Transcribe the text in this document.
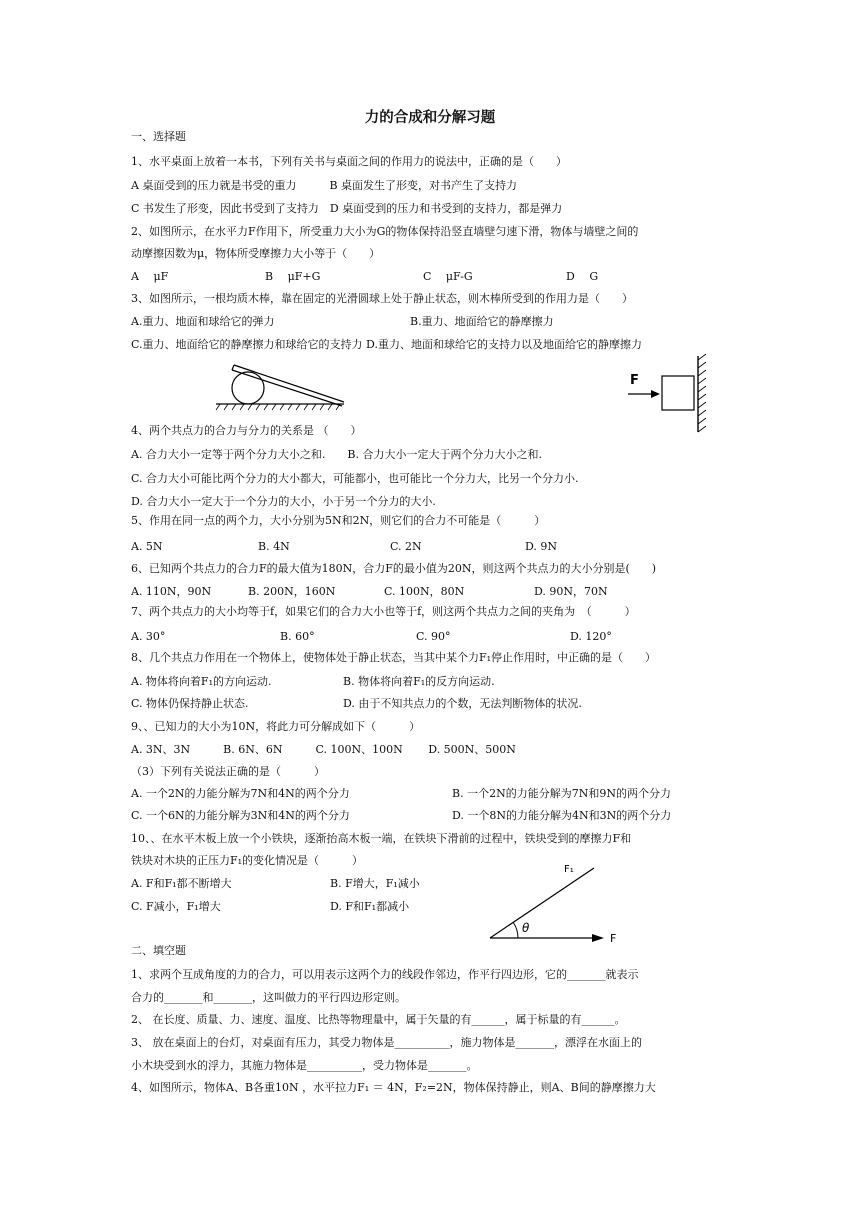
力的合成和分解习题
一、选择题
1、水平桌面上放着一本书，下列有关书与桌面之间的作用力的说法中，正确的是（　　）
A 桌面受到的压力就是书受的重力　　　B 桌面发生了形变，对书产生了支持力
C 书发生了形变，因此书受到了支持力　D 桌面受到的压力和书受到的支持力，都是弹力
2、如图所示，在水平力F作用下，所受重力大小为G的物体保持沿竖直墙壁匀速下滑，物体与墙壁之间的
动摩擦因数为μ，物体所受摩擦力大小等于（　　）
A　 μF	B　 μF+G	C　 μF-G	D　 G
3、如图所示，一根均质木棒，靠在固定的光滑圆球上处于静止状态，则木棒所受到的作用力是（　　）
A.重力、地面和球给它的弹力	B.重力、地面给它的静摩擦力
C.重力、地面给它的静摩擦力和球给它的支持力 D.重力、地面和球给它的支持力以及地面给它的静摩擦力
F
4、两个共点力的合力与分力的关系是 （　　）
A. 合力大小一定等于两个分力大小之和.　　B. 合力大小一定大于两个分力大小之和.
C. 合力大小可能比两个分力的大小都大，可能都小，也可能比一个分力大，比另一个分力小.
D. 合力大小一定大于一个分力的大小，小于另一个分力的大小.
5、作用在同一点的两个力，大小分别为5N和2N，则它们的合力不可能是（　　　）
A. 5N	B. 4N	C. 2N	D. 9N
6、已知两个共点力的合力F的最大值为180N，合力F的最小值为20N，则这两个共点力的大小分别是(　　)
A. 110N，90N	B. 200N，160N	C. 100N，80N	D. 90N，70N
7、两个共点力的大小均等于f，如果它们的合力大小也等于f，则这两个共点力之间的夹角为　（　　　）
A. 30°	B. 60°	C. 90°	D. 120°
8、几个共点力作用在一个物体上，使物体处于静止状态，当其中某个力F₁停止作用时，中正确的是（　　）
A. 物体将向着F₁的方向运动.	B. 物体将向着F₁的反方向运动.
C. 物体仍保持静止状态.	D. 由于不知共点力的个数，无法判断物体的状况.
9、、已知力的大小为10N，将此力可分解成如下（　　　）
A. 3N、3N　　　B. 6N、6N　　　C. 100N、100N　　 D. 500N、500N
（3）下列有关说法正确的是（　　　）
A. 一个2N的力能分解为7N和4N的两个分力	B. 一个2N的力能分解为7N和9N的两个分力
C. 一个6N的力能分解为3N和4N的两个分力	D. 一个8N的力能分解为4N和3N的两个分力
10、、在水平木板上放一个小铁块，逐渐抬高木板一端，在铁块下滑前的过程中，铁块受到的摩擦力F和
铁块对木块的正压力F₁的变化情况是（　　　）
A. F和F₁都不断增大	B. F增大，F₁减小
C. F减小，F₁增大	D. F和F₁都减小
F₁
θ
F
二、填空题
1、求两个互成角度的力的合力，可以用表示这两个力的线段作邻边，作平行四边形，它的_______就表示
合力的_______和_______，这叫做力的平行四边形定则。
2、 在长度、质量、力、速度、温度、比热等物理量中，属于矢量的有______，属于标量的有______。
3、 放在桌面上的台灯，对桌面有压力，其受力物体是__________，施力物体是_______，漂浮在水面上的
小木块受到水的浮力，其施力物体是__________，受力物体是_______。
4、如图所示，物体A、B各重10N ，水平拉力F₁ ＝ 4N，F₂=2N，物体保持静止，则A、B间的静摩擦力大
